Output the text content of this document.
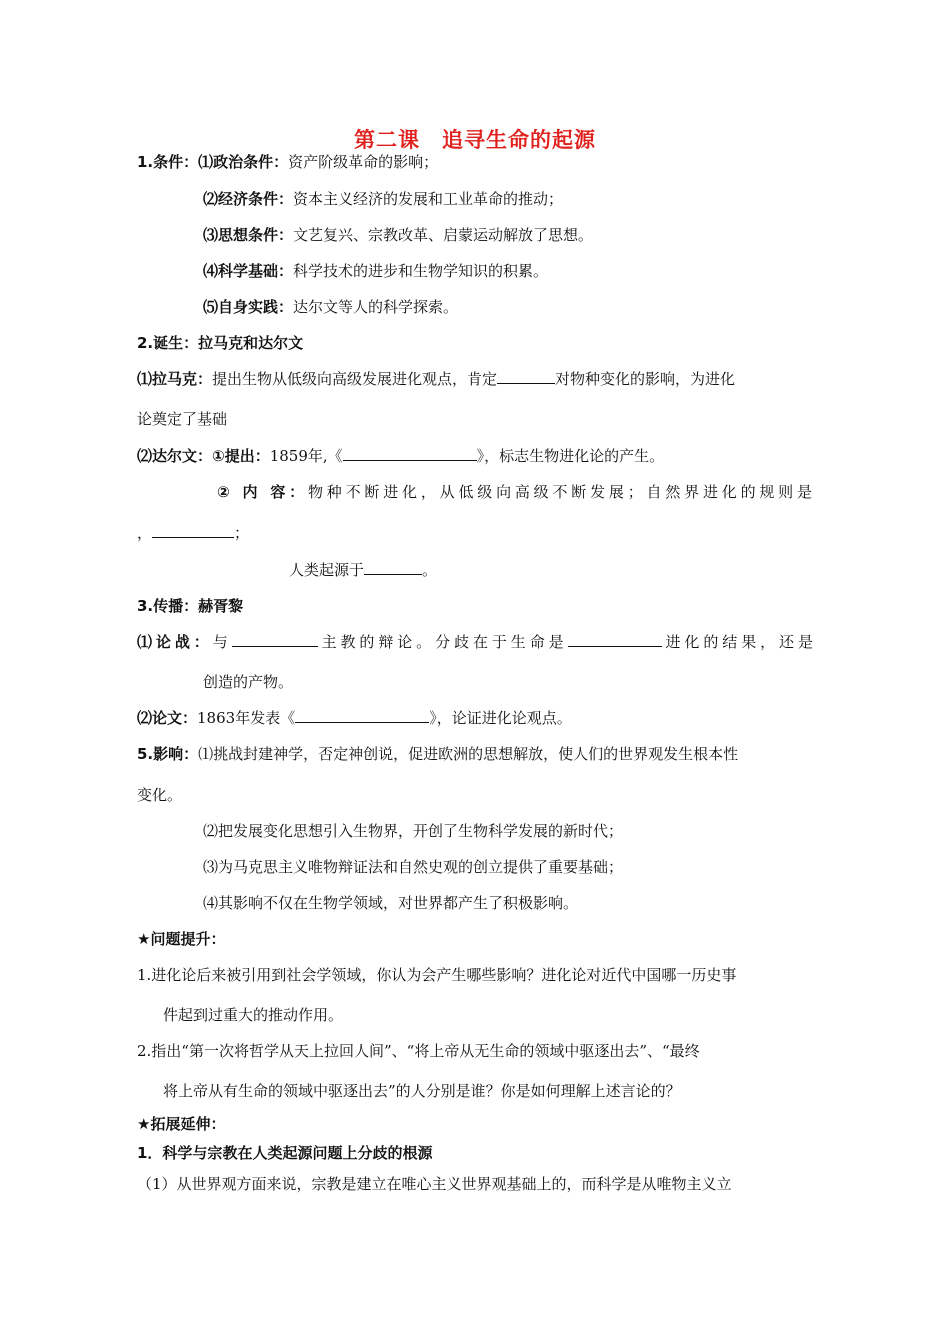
第二课　追寻生命的起源
1.条件：⑴政治条件：资产阶级革命的影响；
⑵经济条件：资本主义经济的发展和工业革命的推动；
⑶思想条件：文艺复兴、宗教改革、启蒙运动解放了思想。
⑷科学基础：科学技术的进步和生物学知识的积累。
⑸自身实践：达尔文等人的科学探索。
2.诞生：拉马克和达尔文
⑴拉马克：提出生物从低级向高级发展进化观点，肯定	对物种变化的影响，为进化
论奠定了基础
⑵达尔文：①提出：1859年,《	》，标志生物进化论的产生。
② 内 容：物种不断进化，从低级向高级不断发展；自然界进化的规则是
，	；
人类起源于	。
3.传播：赫胥黎
⑴论战：与	主教的辩论。分歧在于生命是	进化的结果，还是
创造的产物。
⑵论文：1863年发表《	》，论证进化论观点。
5.影响：⑴挑战封建神学，否定神创说，促进欧洲的思想解放，使人们的世界观发生根本性
变化。
⑵把发展变化思想引入生物界，开创了生物科学发展的新时代；
⑶为马克思主义唯物辩证法和自然史观的创立提供了重要基础；
⑷其影响不仅在生物学领域，对世界都产生了积极影响。
★问题提升：
1.进化论后来被引用到社会学领域，你认为会产生哪些影响？进化论对近代中国哪一历史事
件起到过重大的推动作用。
2.指出“第一次将哲学从天上拉回人间”、“将上帝从无生命的领域中驱逐出去”、“最终
将上帝从有生命的领域中驱逐出去”的人分别是谁？你是如何理解上述言论的？
★拓展延伸：
1．科学与宗教在人类起源问题上分歧的根源
（1）从世界观方面来说，宗教是建立在唯心主义世界观基础上的，而科学是从唯物主义立
